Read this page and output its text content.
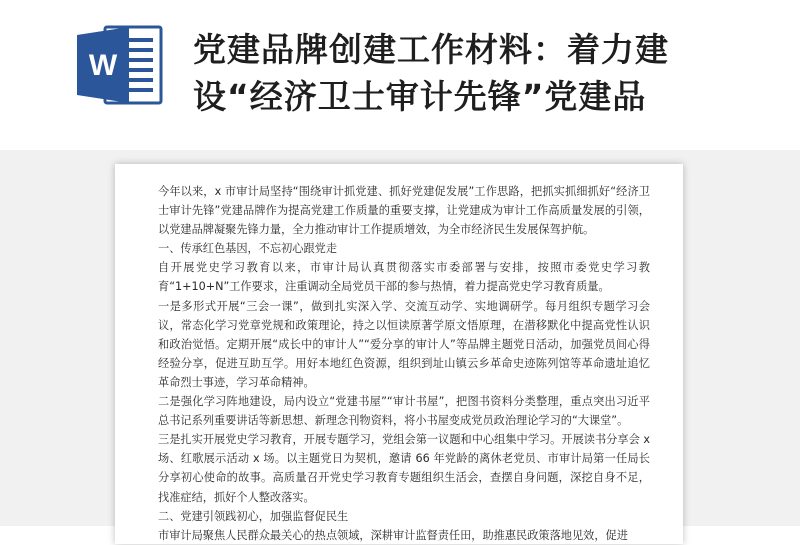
W 党建品牌创建工作材料：着力建设“经济卫士审计先锋”党建品

今年以来，x 市审计局坚持“围绕审计抓党建、抓好党建促发展”工作思路，把抓实抓细抓好“经济卫士审计先锋”党建品牌作为提高党建工作质量的重要支撑，让党建成为审计工作高质量发展的引领，以党建品牌凝聚先锋力量，全力推动审计工作提质增效，为全市经济民生发展保驾护航。

一、传承红色基因，不忘初心跟党走

自开展党史学习教育以来，市审计局认真贯彻落实市委部署与安排，按照市委党史学习教育“1+10+N”工作要求，注重调动全局党员干部的参与热情，着力提高党史学习教育质量。

一是多形式开展“三会一课”，做到扎实深入学、交流互动学、实地调研学。每月组织专题学习会议，常态化学习党章党规和政策理论，持之以恒读原著学原文悟原理，在潜移默化中提高党性认识和政治觉悟。定期开展“成长中的审计人”“爱分享的审计人”等品牌主题党日活动，加强党员间心得经验分享，促进互助互学。用好本地红色资源，组织到址山镇云乡革命史迹陈列馆等革命遗址追忆革命烈士事迹，学习革命精神。

二是强化学习阵地建设，局内设立“党建书屋”“审计书屋”，把图书资料分类整理，重点突出习近平总书记系列重要讲话等新思想、新理念刊物资料，将小书屋变成党员政治理论学习的“大课堂”。

三是扎实开展党史学习教育，开展专题学习，党组会第一议题和中心组集中学习。开展读书分享会 x 场、红歌展示活动 x 场。以主题党日为契机，邀请 66 年党龄的离休老党员、市审计局第一任局长分享初心使命的故事。高质量召开党史学习教育专题组织生活会，查摆自身问题，深挖自身不足，找准症结，抓好个人整改落实。

二、党建引领践初心，加强监督促民生

市审计局聚焦人民群众最关心的热点领域，深耕审计监督责任田，助推惠民政策落地见效，促进
